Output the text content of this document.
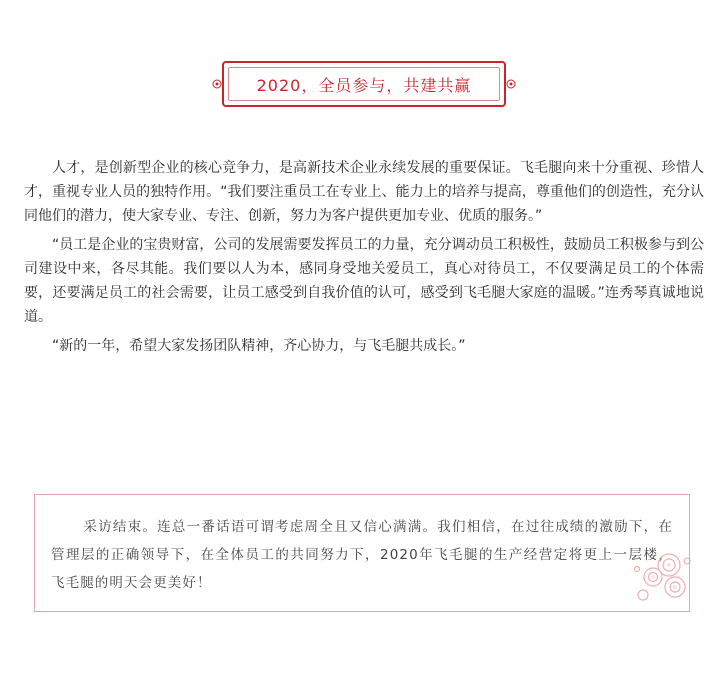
2020，全员参与，共建共赢

人才，是创新型企业的核心竞争力，是高新技术企业永续发展的重要保证。飞毛腿向来十分重视、珍惜人才，重视专业人员的独特作用。“我们要注重员工在专业上、能力上的培养与提高，尊重他们的创造性，充分认同他们的潜力，使大家专业、专注、创新，努力为客户提供更加专业、优质的服务。”

“员工是企业的宝贵财富，公司的发展需要发挥员工的力量，充分调动员工积极性，鼓励员工积极参与到公司建设中来，各尽其能。我们要以人为本，感同身受地关爱员工，真心对待员工，不仅要满足员工的个体需要，还要满足员工的社会需要，让员工感受到自我价值的认可，感受到飞毛腿大家庭的温暖。”连秀琴真诚地说道。

“新的一年，希望大家发扬团队精神，齐心协力，与飞毛腿共成长。”

采访结束。连总一番话语可谓考虑周全且又信心满满。我们相信，在过往成绩的激励下，在管理层的正确领导下，在全体员工的共同努力下，2020年飞毛腿的生产经营定将更上一层楼，飞毛腿的明天会更美好！
